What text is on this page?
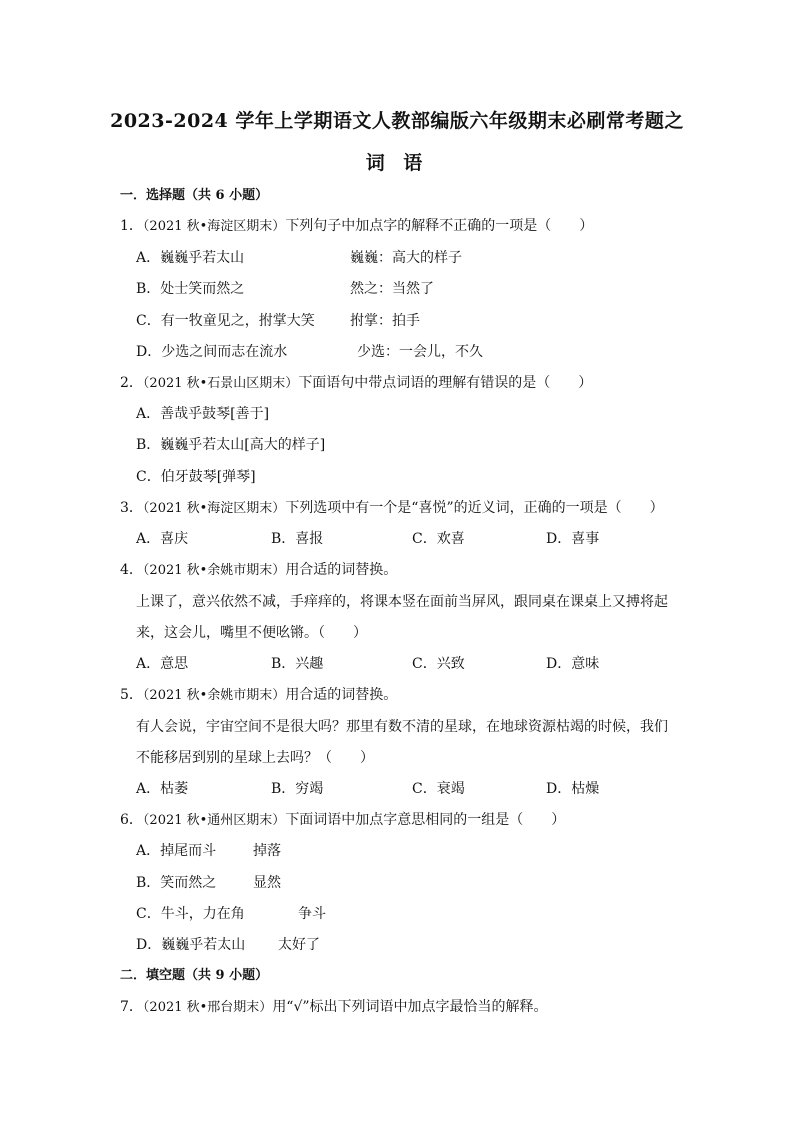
2023-2024 学年上学期语文人教部编版六年级期末必刷常考题之
词 语
一．选择题（共 6 小题）
1．（2021 秋•海淀区期末）下列句子中加点字的解释不正确的一项是（　　）
A．巍巍乎若太山	巍巍：高大的样子
B．处士笑而然之	然之：当然了
C．有一牧童见之，拊掌大笑	拊掌：拍手
D．少选之间而志在流水	少选：一会儿，不久
2．（2021 秋•石景山区期末）下面语句中带点词语的理解有错误的是（　　）
A．善哉乎鼓琴[善于]
B．巍巍乎若太山[高大的样子]
C．伯牙鼓琴[弹琴]
3．（2021 秋•海淀区期末）下列选项中有一个是“喜悦”的近义词，正确的一项是（　　）
A．喜庆	B．喜报	C．欢喜	D．喜事
4．（2021 秋•余姚市期末）用合适的词替换。
上课了，意兴依然不减，手痒痒的，将课本竖在面前当屏风，跟同桌在课桌上又搏将起
来，这会儿，嘴里不便吆锵。（　　）
A．意思	B．兴趣	C．兴致	D．意味
5．（2021 秋•余姚市期末）用合适的词替换。
有人会说，宇宙空间不是很大吗？那里有数不清的星球，在地球资源枯竭的时候，我们
不能移居到别的星球上去吗？（　　）
A．枯萎	B．穷竭	C．衰竭	D．枯燥
6．（2021 秋•通州区期末）下面词语中加点字意思相同的一组是（　　）
A．掉尾而斗	掉落
B．笑而然之	显然
C．牛斗，力在角	争斗
D．巍巍乎若太山 太好了
二．填空题（共 9 小题）
7．（2021 秋•邢台期末）用“√”标出下列词语中加点字最恰当的解释。
